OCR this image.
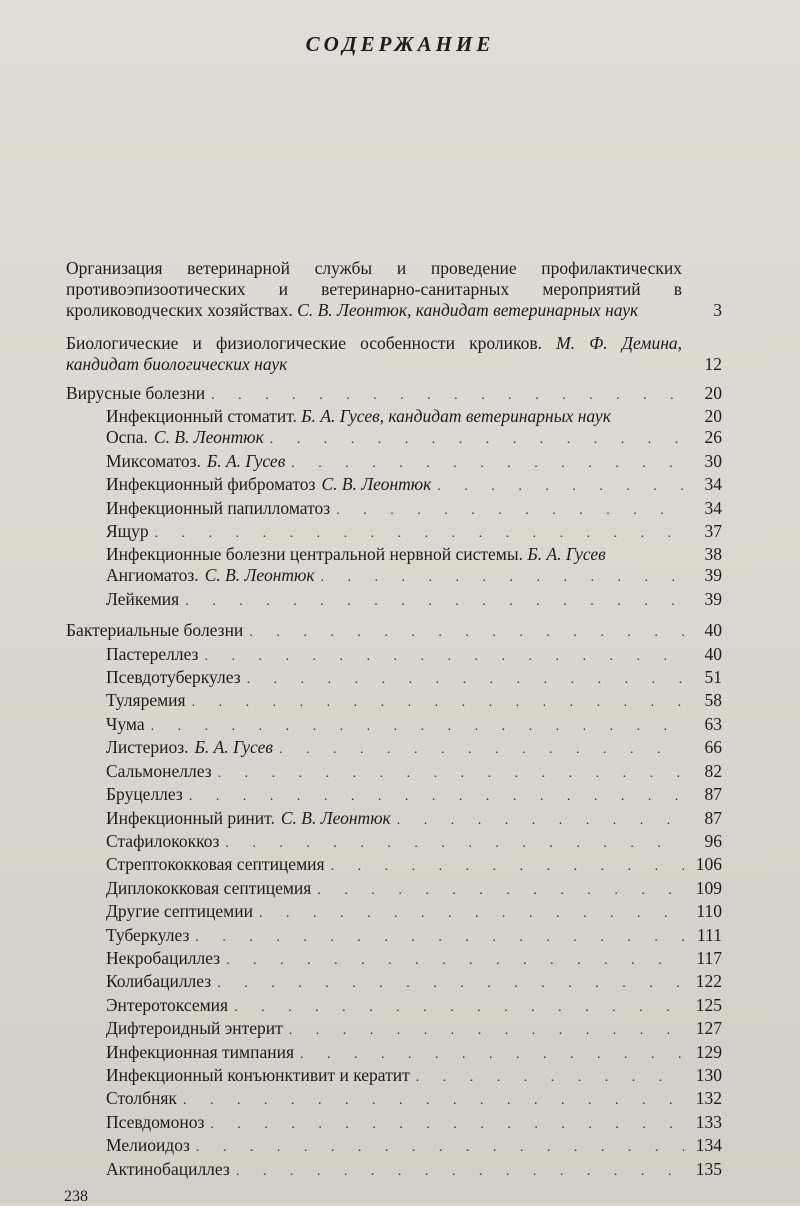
СОДЕРЖАНИЕ
Организация ветеринарной службы и проведение профилактических противоэпизоотических и ветеринарно-санитарных мероприятий в кролиководческих хозяйствах. С. В. Леонтюк, кандидат ветеринарных наук	3
Биологические и физиологические особенности кроликов. М. Ф. Демина, кандидат биологических наук	12
Вирусные болезни . . .	20
Инфекционный стоматит. Б. А. Гусев, кандидат ветеринарных наук	20
Оспа. С. В. Леонтюк . . .	26
Миксоматоз. Б. А. Гусев . . .	30
Инфекционный фиброматоз С. В. Леонтюк . . .	34
Инфекционный папилломатоз . . .	34
Ящур . . .	37
Инфекционные болезни центральной нервной системы. Б. А. Гусев	38
Ангиоматоз. С. В. Леонтюк . . .	39
Лейкемия . . .	39
Бактериальные болезни . . .	40
Пастереллез . . .	40
Псевдотуберкулез . . .	51
Туляремия . . .	58
Чума . . .	63
Листериоз. Б. А. Гусев . . .	66
Сальмонеллез . . .	82
Бруцеллез . . .	87
Инфекционный ринит. С. В. Леонтюк . . .	87
Стафилококкоз . . .	96
Стрептококковая септицемия . . .	106
Диплококковая септицемия . . .	109
Другие септицемии . . .	110
Туберкулез . . .	111
Некробациллез . . .	117
Колибациллез . . .	122
Энтеротоксемия . . .	125
Дифтероидный энтерит . . .	127
Инфекционная тимпания . . .	129
Инфекционный конъюнктивит и кератит . . .	130
Столбняк . . .	132
Псевдомоноз . . .	133
Мелиоидоз . . .	134
Актинобациллез . . .	135
238
